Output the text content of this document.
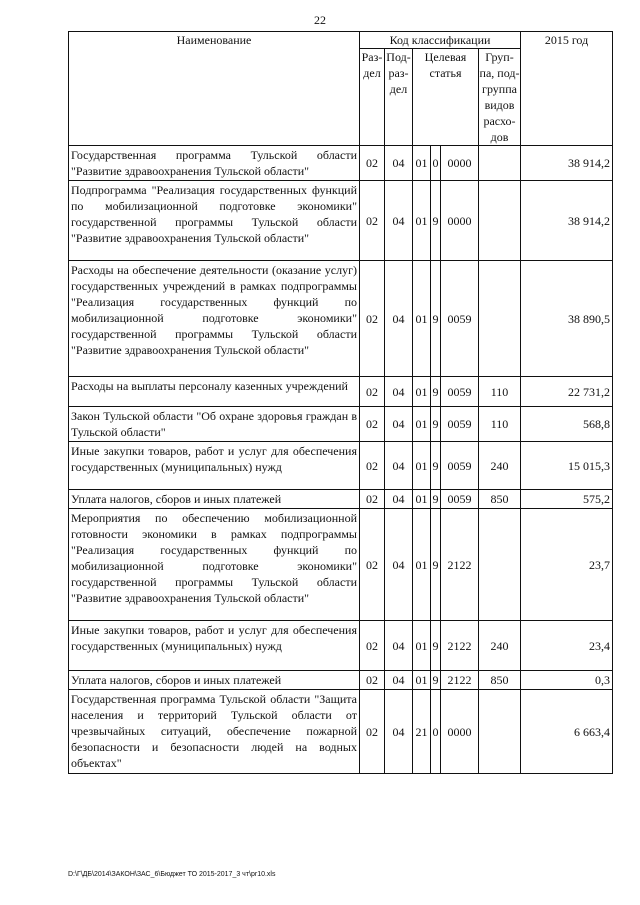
22
Наименование	Код классификации						2015 год
	Раз-дел	Под-раз-дел	Целевая статья			Груп-па, под-группа видов расхо-дов	
Государственная программа Тульской области "Развитие здравоохранения Тульской области"	02	04	01	0	0000		38 914,2
Подпрограмма "Реализация государственных функций по мобилизационной подготовке экономики" государственной программы Тульской области "Развитие здравоохранения Тульской области"	02	04	01	9	0000		38 914,2
Расходы на обеспечение деятельности (оказание услуг) государственных учреждений в рамках подпрограммы "Реализация государственных функций по мобилизационной подготовке экономики" государственной программы Тульской области "Развитие здравоохранения Тульской области"	02	04	01	9	0059		38 890,5
Расходы на выплаты персоналу казенных учреждений	02	04	01	9	0059	110	22 731,2
Закон Тульской области "Об охране здоровья граждан в Тульской области"	02	04	01	9	0059	110	568,8
Иные закупки товаров, работ и услуг для обеспечения государственных (муниципальных) нужд	02	04	01	9	0059	240	15 015,3
Уплата налогов, сборов и иных платежей	02	04	01	9	0059	850	575,2
Мероприятия по обеспечению мобилизационной готовности экономики в рамках подпрограммы "Реализация государственных функций по мобилизационной подготовке экономики" государственной программы Тульской области "Развитие здравоохранения Тульской области"	02	04	01	9	2122		23,7
Иные закупки товаров, работ и услуг для обеспечения государственных (муниципальных) нужд	02	04	01	9	2122	240	23,4
Уплата налогов, сборов и иных платежей	02	04	01	9	2122	850	0,3
Государственная программа Тульской области "Защита населения и территорий Тульской области от чрезвычайных ситуаций, обеспечение пожарной безопасности и безопасности людей на водных объектах"	02	04	21	0	0000		6 663,4
D:\Г\ДБ\2014\ЗАКОН\ЗАС_6\Бюджет ТО 2015-2017_3 чт\pr10.xls
